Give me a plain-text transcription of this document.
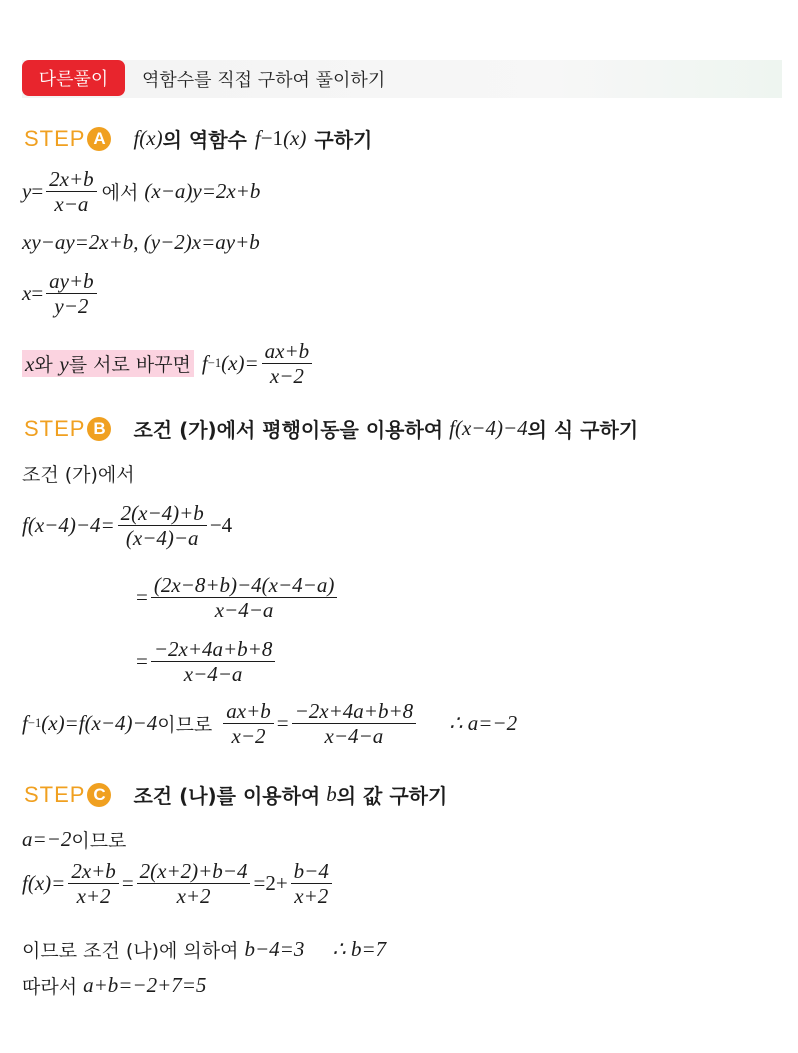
다른풀이	역함수를 직접 구하여 풀이하기
STEP A f(x) 의 역함수 f −1 (x) 구하기
$y = \frac{2x+b}{x-a}$ 에서 (x−a)y=2x+b
xy−ay=2x+b, (y−2)x=ay+b
$x = \frac{ay+b}{y-2}$
x와 y를 서로 바꾸면 f −1 $(x)= \frac{ax+b}{x-2}$
STEP B 조건 (가)에서 평행이동을 이용하여 f(x−4)−4 의 식 구하기
조건 (가)에서
$f(x-4)-4= \frac{2(x-4)+b}{(x-4)-a} -4$
= $\frac{(2x-8+b)-4(x-4-a)}{x-4-a}$
= $\frac{-2x+4a+b+8}{x-4-a}$
f −1 (x)=f(x−4)−4 이므로 $\frac{ax+b}{x-2} = \frac{-2x+4a+b+8}{x-4-a}$ ∴ a=−2
STEP C 조건 (나)를 이용하여 b 의 값 구하기
a=−2 이므로
$f(x)= \frac{2x+b}{x+2} = \frac{2(x+2)+b-4}{x+2} =2+ \frac{b-4}{x+2}$
이므로 조건 (나)에 의하여 b−4=3 ∴ b=7
따라서 a+b=−2+7=5
